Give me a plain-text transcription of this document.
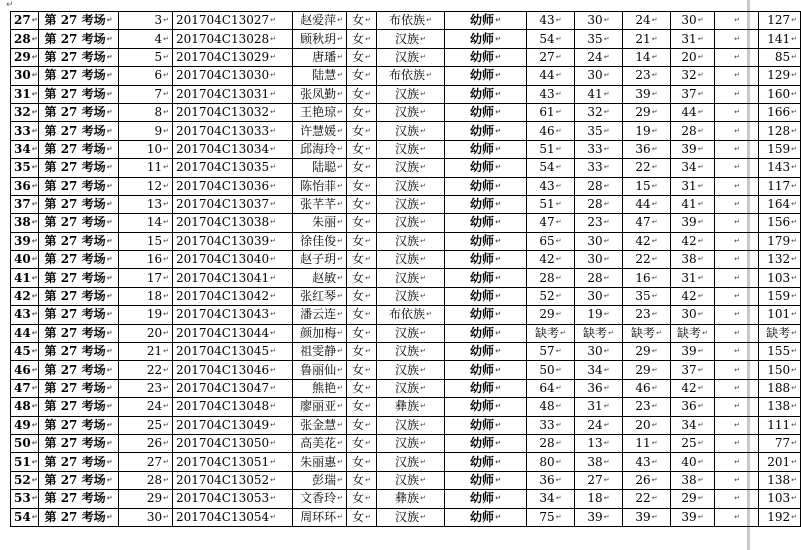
↵
27↵	第 27 考场↵	3↵	201704C13027↵	赵爱萍↵	女↵	布依族↵	幼师↵	43↵	30↵	24↵	30↵	↵	127↵
28↵	第 27 考场↵	4↵	201704C13028↵	顾秋玥↵	女↵	汉族↵	幼师↵	54↵	35↵	21↵	31↵	↵	141↵
29↵	第 27 考场↵	5↵	201704C13029↵	唐璠↵	女↵	汉族↵	幼师↵	27↵	24↵	14↵	20↵	↵	85↵
30↵	第 27 考场↵	6↵	201704C13030↵	陆慧↵	女↵	布依族↵	幼师↵	44↵	30↵	23↵	32↵	↵	129↵
31↵	第 27 考场↵	7↵	201704C13031↵	张凤勤↵	女↵	汉族↵	幼师↵	43↵	41↵	39↵	37↵	↵	160↵
32↵	第 27 考场↵	8↵	201704C13032↵	王艳琼↵	女↵	汉族↵	幼师↵	61↵	32↵	29↵	44↵	↵	166↵
33↵	第 27 考场↵	9↵	201704C13033↵	许慧媛↵	女↵	汉族↵	幼师↵	46↵	35↵	19↵	28↵	↵	128↵
34↵	第 27 考场↵	10↵	201704C13034↵	邱海玲↵	女↵	汉族↵	幼师↵	51↵	33↵	36↵	39↵	↵	159↵
35↵	第 27 考场↵	11↵	201704C13035↵	陆聪↵	女↵	汉族↵	幼师↵	54↵	33↵	22↵	34↵	↵	143↵
36↵	第 27 考场↵	12↵	201704C13036↵	陈怡菲↵	女↵	汉族↵	幼师↵	43↵	28↵	15↵	31↵	↵	117↵
37↵	第 27 考场↵	13↵	201704C13037↵	张芊芊↵	女↵	汉族↵	幼师↵	51↵	28↵	44↵	41↵	↵	164↵
38↵	第 27 考场↵	14↵	201704C13038↵	朱丽↵	女↵	汉族↵	幼师↵	47↵	23↵	47↵	39↵	↵	156↵
39↵	第 27 考场↵	15↵	201704C13039↵	徐佳俊↵	女↵	汉族↵	幼师↵	65↵	30↵	42↵	42↵	↵	179↵
40↵	第 27 考场↵	16↵	201704C13040↵	赵子玥↵	女↵	汉族↵	幼师↵	42↵	30↵	22↵	38↵	↵	132↵
41↵	第 27 考场↵	17↵	201704C13041↵	赵敏↵	女↵	汉族↵	幼师↵	28↵	28↵	16↵	31↵	↵	103↵
42↵	第 27 考场↵	18↵	201704C13042↵	张红琴↵	女↵	汉族↵	幼师↵	52↵	30↵	35↵	42↵	↵	159↵
43↵	第 27 考场↵	19↵	201704C13043↵	潘云连↵	女↵	布依族↵	幼师↵	29↵	19↵	23↵	30↵	↵	101↵
44↵	第 27 考场↵	20↵	201704C13044↵	颜加梅↵	女↵	汉族↵	幼师↵	缺考↵	缺考↵	缺考↵	缺考↵	↵	缺考↵
45↵	第 27 考场↵	21↵	201704C13045↵	祖雯静↵	女↵	汉族↵	幼师↵	57↵	30↵	29↵	39↵	↵	155↵
46↵	第 27 考场↵	22↵	201704C13046↵	鲁丽仙↵	女↵	汉族↵	幼师↵	50↵	34↵	29↵	37↵	↵	150↵
47↵	第 27 考场↵	23↵	201704C13047↵	熊艳↵	女↵	汉族↵	幼师↵	64↵	36↵	46↵	42↵	↵	188↵
48↵	第 27 考场↵	24↵	201704C13048↵	廖丽亚↵	女↵	彝族↵	幼师↵	48↵	31↵	23↵	36↵	↵	138↵
49↵	第 27 考场↵	25↵	201704C13049↵	张金慧↵	女↵	汉族↵	幼师↵	33↵	24↵	20↵	34↵	↵	111↵
50↵	第 27 考场↵	26↵	201704C13050↵	高美花↵	女↵	汉族↵	幼师↵	28↵	13↵	11↵	25↵	↵	77↵
51↵	第 27 考场↵	27↵	201704C13051↵	朱丽惠↵	女↵	汉族↵	幼师↵	80↵	38↵	43↵	40↵	↵	201↵
52↵	第 27 考场↵	28↵	201704C13052↵	彭瑞↵	女↵	汉族↵	幼师↵	36↵	27↵	26↵	38↵	↵	138↵
53↵	第 27 考场↵	29↵	201704C13053↵	文香玲↵	女↵	彝族↵	幼师↵	34↵	18↵	22↵	29↵	↵	103↵
54↵	第 27 考场↵	30↵	201704C13054↵	周环环↵	女↵	汉族↵	幼师↵	75↵	39↵	39↵	39↵	↵	192↵
